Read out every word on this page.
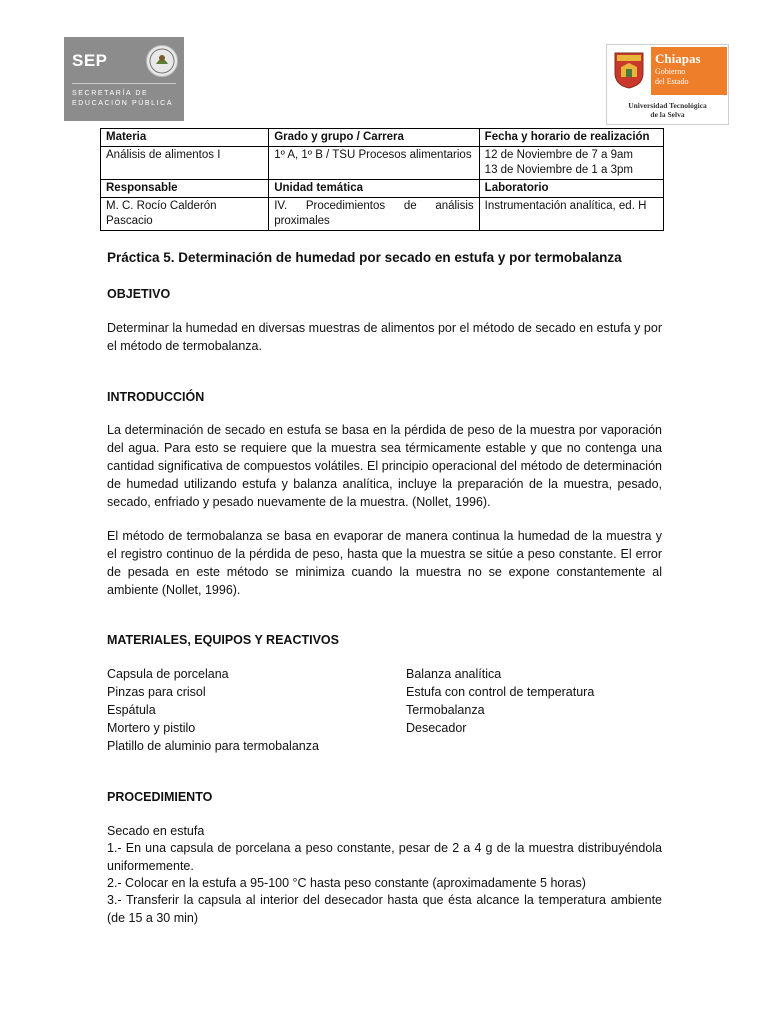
SEP
SECRETARÍA DE
EDUCACIÓN PÚBLICA
Chiapas
Gobierno
del Estado
Universidad Tecnológica
de la Selva
Materia	Grado y grupo / Carrera	Fecha y horario de realización
Análisis de alimentos I	1º A, 1º B / TSU Procesos alimentarios	12 de Noviembre de 7 a 9am
13 de Noviembre de 1 a 3pm

Responsable	Unidad temática	Laboratorio
M. C. Rocío Calderón Pascacio	IV. Procedimientos de análisis proximales	Instrumentación analítica, ed. H
Práctica 5. Determinación de humedad por secado en estufa y por termobalanza
OBJETIVO
Determinar la humedad en diversas muestras de alimentos por el método de secado en estufa y por el método de termobalanza.
INTRODUCCIÓN
La determinación de secado en estufa se basa en la pérdida de peso de la muestra por vaporación del agua. Para esto se requiere que la muestra sea térmicamente estable y que no contenga una cantidad significativa de compuestos volátiles. El principio operacional del método de determinación de humedad utilizando estufa y balanza analítica, incluye la preparación de la muestra, pesado, secado, enfriado y pesado nuevamente de la muestra. (Nollet, 1996).
El método de termobalanza se basa en evaporar de manera continua la humedad de la muestra y el registro continuo de la pérdida de peso, hasta que la muestra se sitúe a peso constante. El error de pesada en este método se minimiza cuando la muestra no se expone constantemente al ambiente (Nollet, 1996).
MATERIALES, EQUIPOS Y REACTIVOS
Capsula de porcelana
Pinzas para crisol
Espátula
Mortero y pistilo
Platillo de aluminio para termobalanza
Balanza analítica
Estufa con control de temperatura
Termobalanza
Desecador
PROCEDIMIENTO
Secado en estufa
1.- En una capsula de porcelana a peso constante, pesar de 2 a 4 g de la muestra distribuyéndola uniformemente.
2.- Colocar en la estufa a 95-100 °C hasta peso constante (aproximadamente 5 horas)
3.- Transferir la capsula al interior del desecador hasta que ésta alcance la temperatura ambiente (de 15 a 30 min)
